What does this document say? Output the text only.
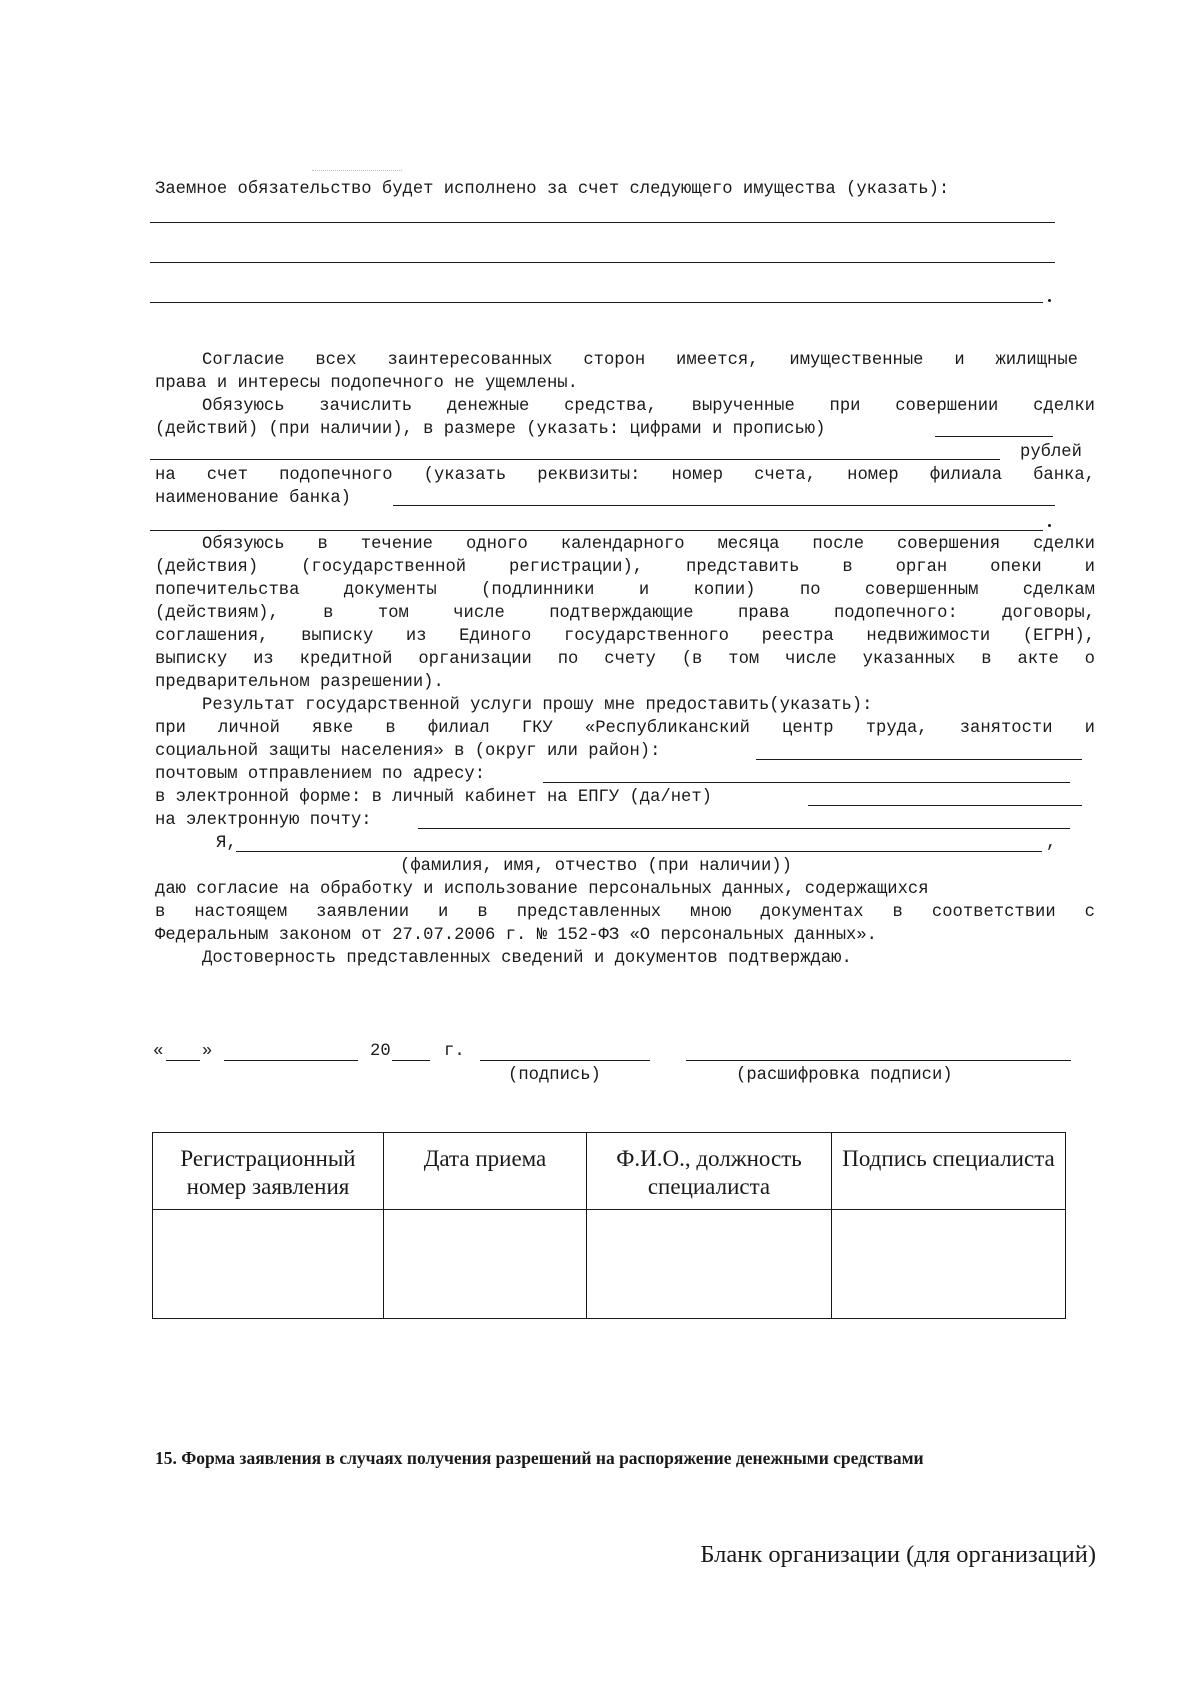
Заемное обязательство будет исполнено за счет следующего имущества (указать):
Согласие всех заинтересованных сторон имеется, имущественные и жилищные
права и интересы подопечного не ущемлены.
Обязуюсь зачислить денежные средства, вырученные при совершении сделки
(действий) (при наличии), в размере (указать: цифрами и прописью)
рублей
на счет подопечного (указать реквизиты: номер счета, номер филиала банка,
наименование банка)
Обязуюсь в течение одного календарного месяца после совершения сделки
(действия) (государственной регистрации), представить в орган опеки и
попечительства документы (подлинники и копии) по совершенным сделкам
(действиям), в том числе подтверждающие права подопечного: договоры,
соглашения, выписку из Единого государственного реестра недвижимости (ЕГРН),
выписку из кредитной организации по счету (в том числе указанных в акте о
предварительном разрешении).
Результат государственной услуги прошу мне предоставить(указать):
при личной явке в филиал ГКУ «Республиканский центр труда, занятости и
социальной защиты населения» в (округ или район):
почтовым отправлением по адресу:
в электронной форме: в личный кабинет на ЕПГУ (да/нет)
на электронную почту:
Я,	,
(фамилия, имя, отчество (при наличии))
даю согласие на обработку и использование персональных данных, содержащихся
в настоящем заявлении и в представленных мною документах в соответствии с
Федеральным законом от 27.07.2006 г. № 152-ФЗ «О персональных данных».
Достоверность представленных сведений и документов подтверждаю.
« »	20	г.
(подпись)	(расшифровка подписи)
Регистрационный номер заявления	Дата приема	Ф.И.О., должность специалиста	Подпись специалиста

15. Форма заявления в случаях получения разрешений на распоряжение денежными средствами
Бланк организации (для организаций)
